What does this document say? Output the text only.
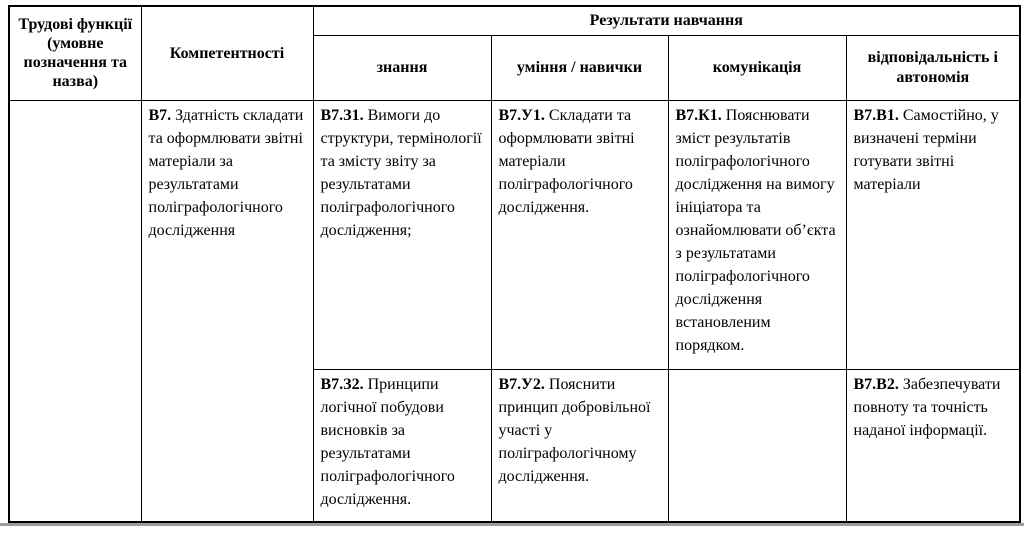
Трудові функції (умовне позначення та назва)	Компетентності	Результати навчання			
		знання	уміння / навички	комунікація	відповідальність і автономія
	В7. Здатність складати та оформлювати звітні матеріали за результатами поліграфологічного дослідження	В7.З1. Вимоги до структури, термінології та змісту звіту за результатами поліграфологічного дослідження;	В7.У1. Складати та оформлювати звітні матеріали поліграфологічного дослідження.	В7.К1. Пояснювати зміст результатів поліграфологічного дослідження на вимогу ініціатора та ознайомлювати об’єкта з результатами поліграфологічного дослідження встановленим порядком.	В7.В1. Самостійно, у визначені терміни готувати звітні матеріали
		В7.З2. Принципи логічної побудови висновків за результатами поліграфологічного дослідження.	В7.У2. Пояснити принцип добровільної участі у поліграфологічному дослідження.		В7.В2. Забезпечувати повноту та точність наданої інформації.
